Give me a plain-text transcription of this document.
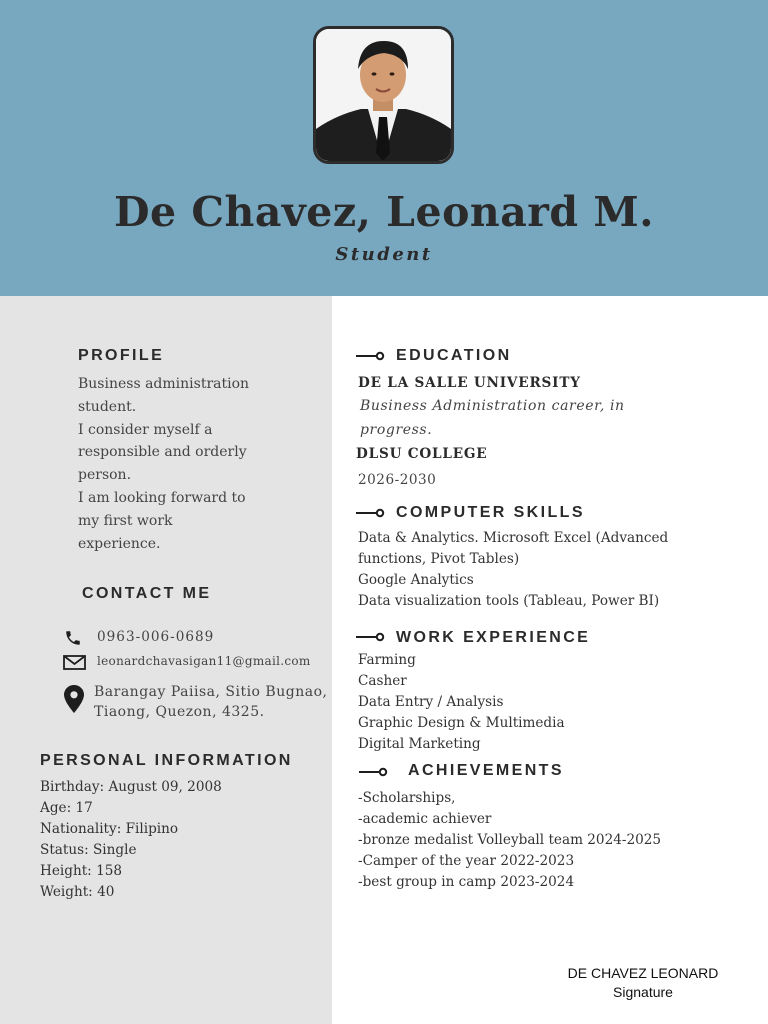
De Chavez, Leonard M.
Student
PROFILE
Business administration
student.
I consider myself a
responsible and orderly
person.
I am looking forward to
my first work
experience.
CONTACT ME
0963-006-0689
leonardchavasigan11@gmail.com
Barangay Paiisa, Sitio Bugnao,
Tiaong, Quezon, 4325.
PERSONAL INFORMATION
Birthday: August 09, 2008
Age: 17
Nationality: Filipino
Status: Single
Height: 158
Weight: 40
EDUCATION
DE LA SALLE UNIVERSITY
Business Administration career, in
progress.
DLSU COLLEGE
2026-2030
COMPUTER SKILLS
Data & Analytics. Microsoft Excel (Advanced
functions, Pivot Tables)
Google Analytics
Data visualization tools (Tableau, Power BI)
WORK EXPERIENCE
Farming
Casher
Data Entry / Analysis
Graphic Design & Multimedia
Digital Marketing
ACHIEVEMENTS
-Scholarships,
-academic achiever
-bronze medalist Volleyball team 2024-2025
-Camper of the year 2022-2023
-best group in camp 2023-2024
DE CHAVEZ LEONARD
Signature
